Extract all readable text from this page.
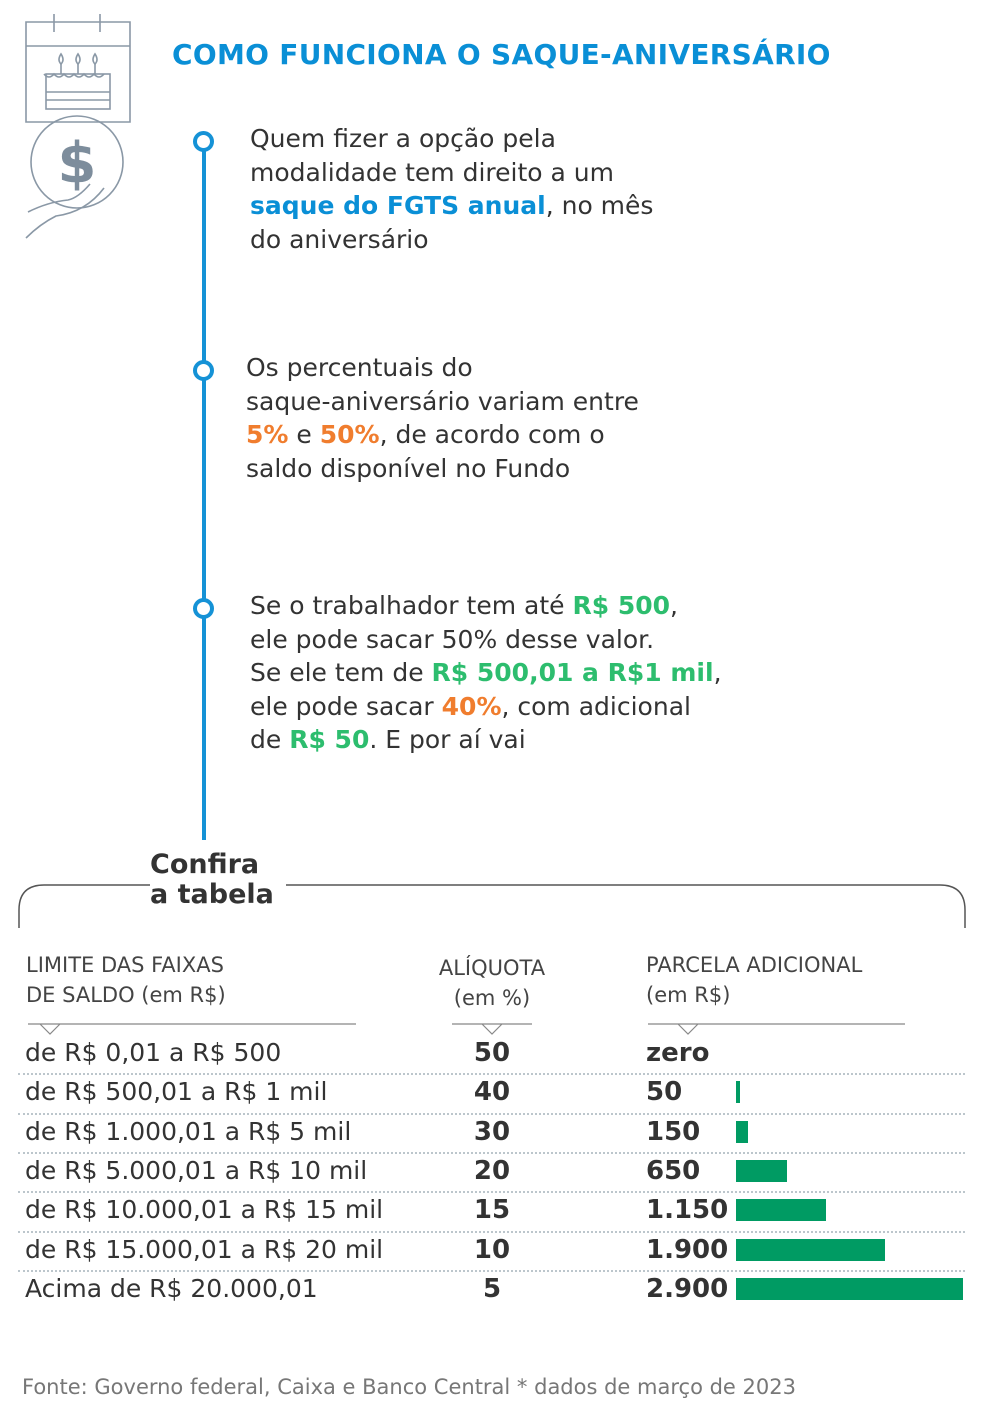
$
COMO FUNCIONA O SAQUE-ANIVERSÁRIO
Quem fizer a opção pela
modalidade tem direito a um
saque do FGTS anual, no mês
do aniversário
Os percentuais do
saque-aniversário variam entre
5% e 50%, de acordo com o
saldo disponível no Fundo
Se o trabalhador tem até R$ 500,
ele pode sacar 50% desse valor.
Se ele tem de R$ 500,01 a R$1 mil,
ele pode sacar 40%, com adicional
de R$ 50. E por aí vai
Confira
a tabela
LIMITE DAS FAIXAS
DE SALDO (em R$)
ALÍQUOTA
(em %)
PARCELA ADICIONAL
(em R$)
de R$ 0,01 a R$ 500	50	zero
de R$ 500,01 a R$ 1 mil	40	50
de R$ 1.000,01 a R$ 5 mil	30	150
de R$ 5.000,01 a R$ 10 mil	20	650
de R$ 10.000,01 a R$ 15 mil	15	1.150
de R$ 15.000,01 a R$ 20 mil	10	1.900
Acima de R$ 20.000,01	5	2.900
Fonte: Governo federal, Caixa e Banco Central * dados de março de 2023
